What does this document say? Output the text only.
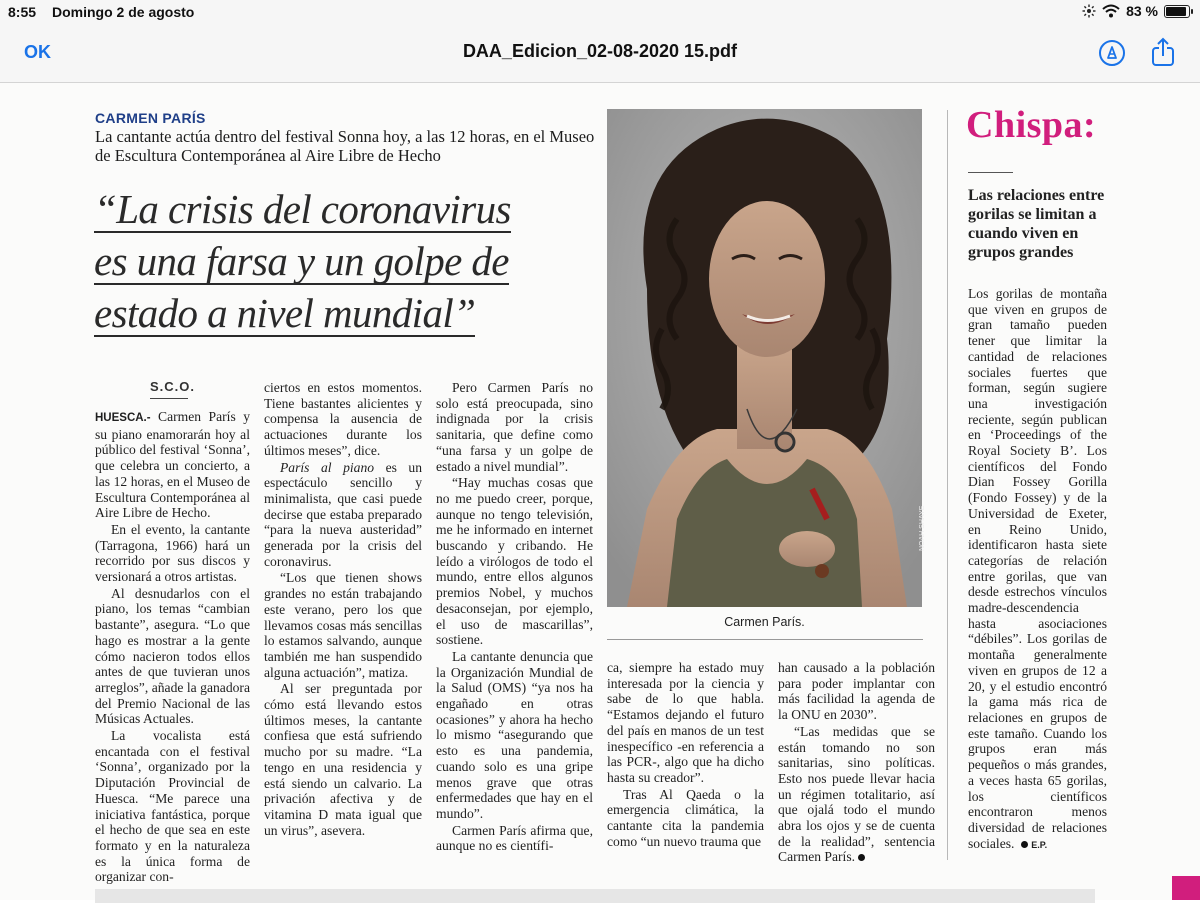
8:55 Domingo 2 de agosto	83 %
OK	DAA_Edicion_02-08-2020 15.pdf
CARMEN PARÍS
La cantante actúa dentro del festival Sonna hoy, a las 12 horas, en el Museo de Escultura Contemporánea al Aire Libre de Hecho
“La crisis del coronavirus
es una farsa y un golpe de
estado a nivel mundial”
S.C.O.

HUESCA.- Carmen París y su piano enamorarán hoy al público del festival ‘Sonna’, que celebra un concierto, a las 12 horas, en el Museo de Escultura Contemporánea al Aire Libre de Hecho.

En el evento, la cantante (Tarragona, 1966) hará un recorrido por sus discos y versionará a otros artistas.

Al desnudarlos con el piano, los temas “cambian bastante”, asegura. “Lo que hago es mostrar a la gente cómo nacieron todos ellos antes de que tuvieran unos arreglos”, añade la ganadora del Premio Nacional de las Músicas Actuales.

La vocalista está encantada con el festival ‘Sonna’, organizado por la Diputación Provincial de Huesca. “Me parece una iniciativa fantástica, porque el hecho de que sea en este formato y en la naturaleza es la única forma de organizar con-

ciertos en estos momentos. Tiene bastantes alicientes y compensa la ausencia de actuaciones durante los últimos meses”, dice.

París al piano es un espectáculo sencillo y minimalista, que casi puede decirse que estaba preparado “para la nueva austeridad” generada por la crisis del coronavirus.

“Los que tienen shows grandes no están trabajando este verano, pero los que llevamos cosas más sencillas lo estamos salvando, aunque también me han suspendido alguna actuación”, matiza.

Al ser preguntada por cómo está llevando estos últimos meses, la cantante confiesa que está sufriendo mucho por su madre. “La tengo en una residencia y está siendo un calvario. La privación afectiva y de vitamina D mata igual que un virus”, asevera.

Pero Carmen París no solo está preocupada, sino indignada por la crisis sanitaria, que define como “una farsa y un golpe de estado a nivel mundial”.

“Hay muchas cosas que no me puedo creer, porque, aunque no tengo televisión, me he informado en internet buscando y cribando. He leído a virólogos de todo el mundo, entre ellos algunos premios Nobel, y muchos desaconsejan, por ejemplo, el uso de mascarillas”, sostiene.

La cantante denuncia que la Organización Mundial de la Salud (OMS) “ya nos ha engañado en otras ocasiones” y ahora ha hecho lo mismo “asegurando que esto es una pandemia, cuando solo es una gripe menos grave que otras enfermedades que hay en el mundo”.

Carmen París afirma que, aunque no es científi-

ca, siempre ha estado muy interesada por la ciencia y sabe de lo que habla. “Estamos dejando el futuro del país en manos de un test inespecífico -en referencia a las PCR-, algo que ha dicho hasta su creador”.

Tras Al Qaeda o la emergencia climática, la cantante cita la pandemia como “un nuevo trauma que

han causado a la población para poder implantar con más facilidad la agenda de la ONU en 2030”.

“Las medidas que se están tomando no son sanitarias, sino políticas. Esto nos puede llevar hacia un régimen totalitario, así que ojalá todo el mundo abra los ojos y se de cuenta de la realidad”, sentencia Carmen París.

NOAH SHAYE
Carmen París.
Chispa:
Las relaciones entre gorilas se limitan a cuando viven en grupos grandes
Los gorilas de montaña que viven en grupos de gran tamaño pueden tener que limitar la cantidad de relaciones sociales fuertes que forman, según sugiere una investigación reciente, según publican en ‘Proceedings of the Royal Society B’. Los científicos del Fondo Dian Fossey Gorilla (Fondo Fossey) y de la Universidad de Exeter, en Reino Unido, identificaron hasta siete categorías de relación entre gorilas, que van desde estrechos vínculos madre-descendencia hasta asociaciones “débiles”. Los gorilas de montaña generalmente viven en grupos de 12 a 20, y el estudio encontró la gama más rica de relaciones en grupos de este tamaño. Cuando los grupos eran más pequeños o más grandes, a veces hasta 65 gorilas, los científicos encontraron menos diversidad de relaciones sociales. E.P.
